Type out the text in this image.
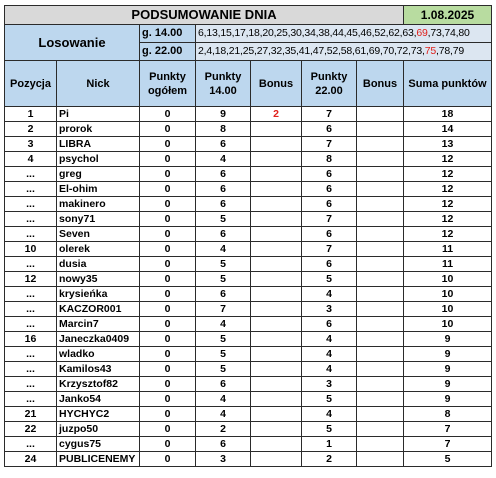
PODSUMOWANIE DNIA							1.08.2025
Losowanie		g. 14.00	6,13,15,17,18,20,25,30,34,38,44,45,46,52,62,63,69,73,74,80				
		g. 22.00	2,4,18,21,25,27,32,35,41,47,52,58,61,69,70,72,73,75,78,79				
Pozycja	Nick	Punkty ogółem	Punkty 14.00	Bonus	Punkty 22.00	Bonus	Suma punktów
1	Pi	0	9	2	7		18
2	prorok	0	8		6		14
3	LIBRA	0	6		7		13
4	psychol	0	4		8		12
...	greg	0	6		6		12
...	El-ohim	0	6		6		12
...	makinero	0	6		6		12
...	sony71	0	5		7		12
...	Seven	0	6		6		12
10	olerek	0	4		7		11
...	dusia	0	5		6		11
12	nowy35	0	5		5		10
...	krysieńka	0	6		4		10
...	KACZOR001	0	7		3		10
...	Marcin7	0	4		6		10
16	Janeczka0409	0	5		4		9
...	wladko	0	5		4		9
...	Kamilos43	0	5		4		9
...	Krzysztof82	0	6		3		9
...	Janko54	0	4		5		9
21	HYCHYC2	0	4		4		8
22	juzpo50	0	2		5		7
...	cygus75	0	6		1		7
24	PUBLICENEMY	0	3		2		5
